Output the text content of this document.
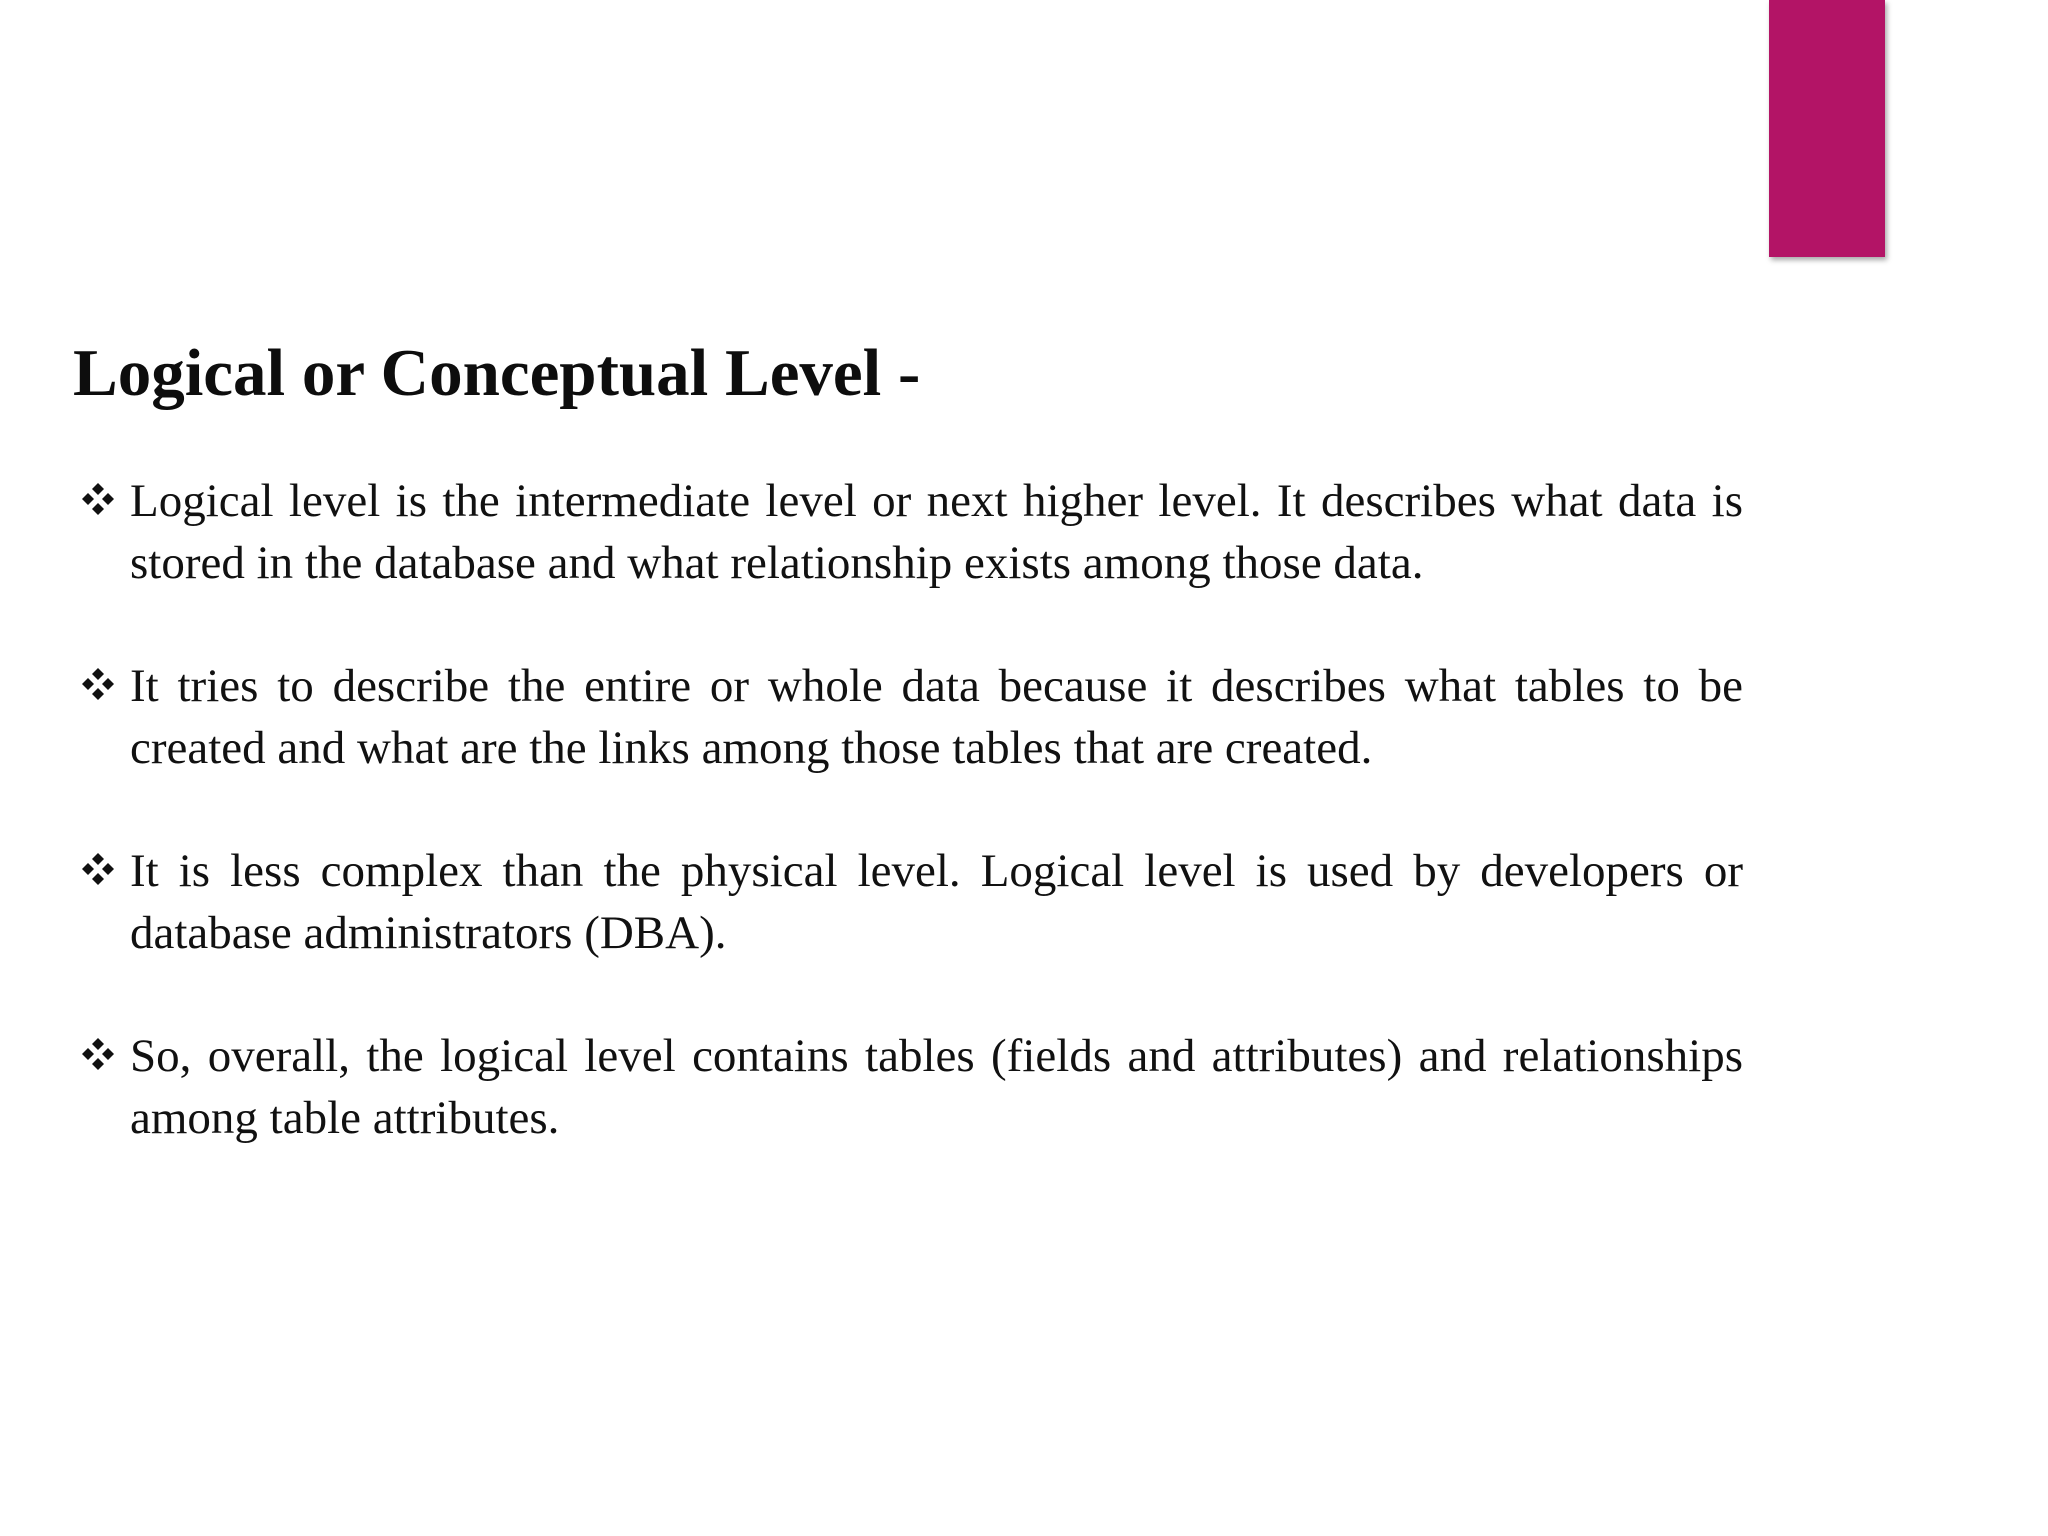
Logical or Conceptual Level -
Logical level is the intermediate level or next higher level. It describes what data is stored in the database and what relationship exists among those data.
It tries to describe the entire or whole data because it describes what tables to be created and what are the links among those tables that are created.
It is less complex than the physical level. Logical level is used by developers or database administrators (DBA).
So, overall, the logical level contains tables (fields and attributes) and relationships among table attributes.
